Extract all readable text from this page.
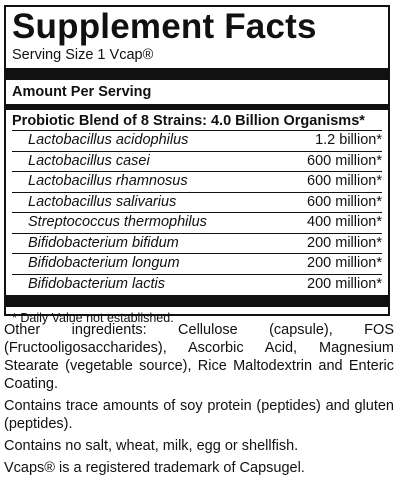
Supplement Facts
Serving Size 1 Vcap®
Amount Per Serving
Probiotic Blend of 8 Strains: 4.0 Billion Organisms*
Lactobacillus acidophilus	1.2 billion*
Lactobacillus casei	600 million*
Lactobacillus rhamnosus	600 million*
Lactobacillus salivarius	600 million*
Streptococcus thermophilus	400 million*
Bifidobacterium bifidum	200 million*
Bifidobacterium longum	200 million*
Bifidobacterium lactis	200 million*
* Daily Value not established.

Other ingredients: Cellulose (capsule), FOS (Fructooligosaccharides), Ascorbic Acid, Magnesium Stearate (vegetable source), Rice Maltodextrin and Enteric Coating.

Contains trace amounts of soy protein (peptides) and gluten (peptides).

Contains no salt, wheat, milk, egg or shellfish.

Vcaps® is a registered trademark of Capsugel.
